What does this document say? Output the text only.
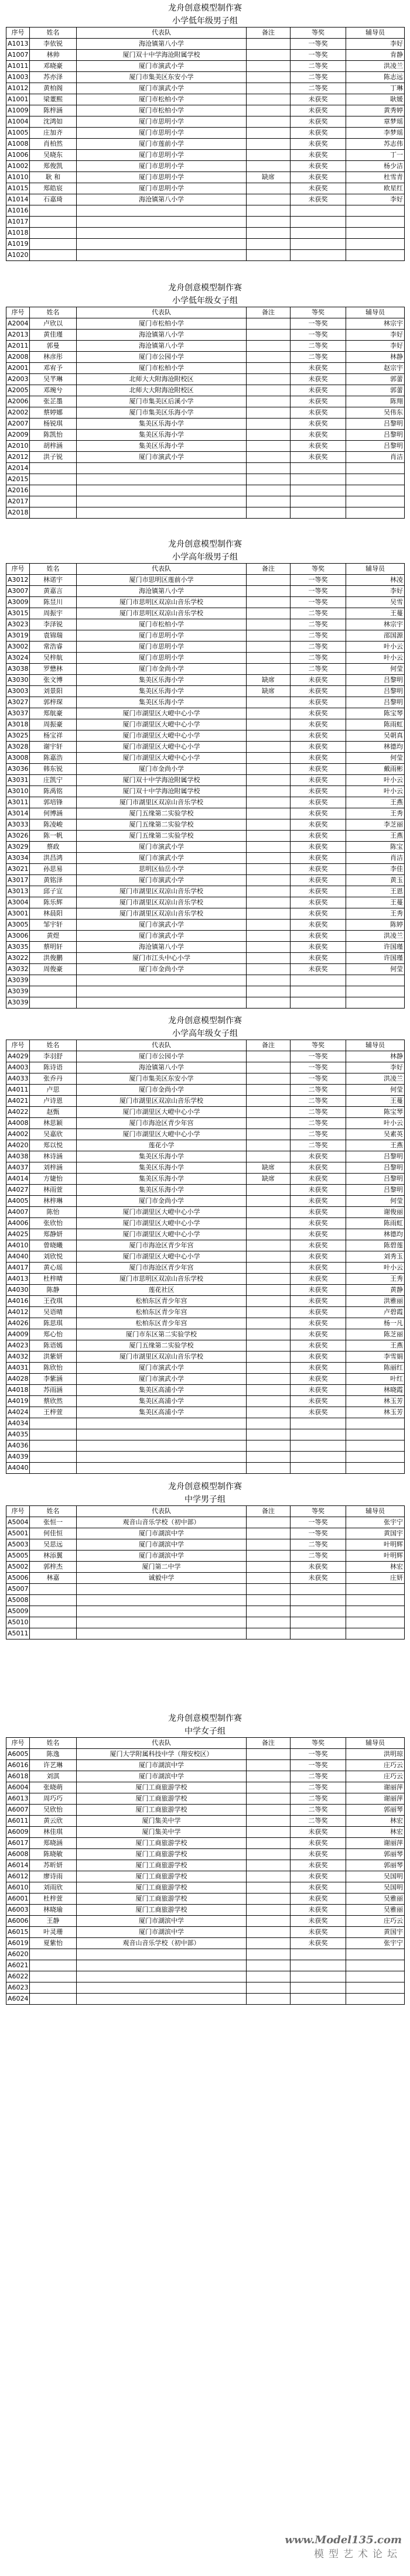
龙舟创意模型制作赛
小学低年级男子组
序号	姓名	代表队	备注	等奖	辅导员
A1013	李依锐	海沧镇第八小学		一等奖	李好
A1007	林帅	厦门双十中学海沧附属学校		一等奖	肯静
A1011	邓晓豪	厦门市演武小学		二等奖	洪凌兰
A1003	苏亦泽	厦门市集美区东安小学		二等奖	陈志远
A1012	黄柏阁	厦门市演武小学		二等奖	丁琳
A1001	梁董熙	厦门市松柏小学		未获奖	耿媛
A1009	陈梓涵	厦门市松柏小学		未获奖	黄秀婷
A1004	沈鸿如	厦门市思明小学		未获奖	章梦瑶
A1005	庄加齐	厦门市思明小学		未获奖	李梦瑶
A1008	肖柏然	厦门市莲前小学		未获奖	苏志伟
A1006	吴晓东	厦门市思明小学		未获奖	丁一
A1002	郑俊凯	厦门市思明小学		未获奖	杨少洁
A1010	耿 和	厦门市思明小学	缺席	未获奖	杜雪青
A1015	郑皓宸	厦门市思明小学		未获奖	欧星红
A1014	石嘉琦	海沧镇第八小学		未获奖	李好
A1016					
A1017					
A1018					
A1019					
A1020					
龙舟创意模型制作赛
小学低年级女子组
序号	姓名	代表队	备注	等奖	辅导员
A2004	卢欣以	厦门市松柏小学		一等奖	林宗宇
A2013	黄佳瑾	海沧镇第八小学		一等奖	李好
A2011	郭曼	海沧镇第八小学		二等奖	李好
A2008	林彦彤	厦门市公园小学		二等奖	林静
A2001	邓宥予	厦门市松柏小学		未获奖	赵宗宇
A2003	吴芊琳	北师大大附海沧附校区		未获奖	郭蕾
A2005	邓琬兮	北师大大附海沧附校区		未获奖	郭蕾
A2006	张芷墨	厦门市集美区后溪小学		未获奖	陈翔
A2002	蔡婷娜	厦门市集美区乐海小学		未获奖	吴伟东
A2007	杨锐琪	集美区乐海小学		未获奖	吕黎明
A2009	陈凯怡	集美区乐海小学		未获奖	吕黎明
A2010	胡梓涵	集美区乐海小学		未获奖	吕黎明
A2012	洪子锐	厦门市演武小学		未获奖	肖洁
A2014					
A2015					
A2016					
A2017					
A2018					
龙舟创意模型制作赛
小学高年级男子组
序号	姓名	代表队	备注	等奖	辅导员
A3012	林诺宇	厦门市思明区莲前小学		一等奖	林凌
A3007	黄嘉言	海沧镇第八小学		一等奖	李好
A3009	陈昱川	厦门市思明区双凉山音乐学校		一等奖	吴雪
A3015	周振宇	厦门市思明区双凉山音乐学校		二等奖	王蔓
A3023	李泽锐	厦门市松柏小学		二等奖	林宗宇
A3019	袁锦瑞	厦门市思明小学		二等奖	邵国源
A3002	常浩睿	厦门市思明小学		二等奖	叶小云
A3024	吴梓航	厦门市思明小学		二等奖	叶小云
A3038	罗懋林	厦门市金尚小学		二等奖	何莹
A3030	张文博	集美区乐海小学	缺席	未获奖	吕黎明
A3003	刘景阳	集美区乐海小学	缺席	未获奖	吕黎明
A3027	郭梓琛	集美区乐海小学		未获奖	吕黎明
A3037	郑航豪	厦门市湖里区大嶝中心小学		未获奖	陈宝琴
A3018	周振豪	厦门市湖里区大嶝中心小学		未获奖	陈雨虹
A3025	杨宝祥	厦门市湖里区大嶝中心小学		未获奖	吴朝真
A3028	谢宇轩	厦门市湖里区大嶝中心小学		未获奖	林德均
A3008	陈嘉浩	厦门市湖里区大嶝中心小学		未获奖	何莹
A3036	韩东锐	厦门市金尚小学		未获奖	戴雨彬
A3031	庄凯宁	厦门双十中学海沧附属学校		未获奖	叶小云
A3010	陈禹铭	厦门双十中学海沧附属学校		未获奖	叶小云
A3011	郭培锋	厦门市湖里区双凉山音乐学校		未获奖	王燕
A3014	何博涵	厦门五缘第二实验学校		未获奖	王秀
A3033	陈凌峻	厦门五缘第二实验学校		未获奖	李芝丽
A3026	陈一帆	厦门五缘第二实验学校		未获奖	王燕
A3029	蔡政	厦门市演武小学		未获奖	陈宝
A3034	洪昌鸿	厦门市演武小学		未获奖	肖洁
A3021	孙思易	思明区仙岳小学		未获奖	李佳
A3017	黄铭泽	厦门市演武小学		未获奖	黄玉
A3013	邱子宣	厦门市湖里区双凉山音乐学校		未获奖	王恩
A3004	陈乐辉	厦门市湖里区双凉山音乐学校		未获奖	王蔓
A3001	林晨阳	厦门市湖里区双凉山音乐学校		未获奖	王秀
A3005	邹宇轩	厦门市演武小学		未获奖	陈婷
A3006	黄煜	厦门市演武小学		未获奖	洪凌兰
A3035	蔡明轩	海沧镇第八小学		未获奖	许国瑾
A3022	洪俊鹏	厦门市江头中心小学		未获奖	许国瑾
A3032	周俊豪	厦门市金尚小学		未获奖	何莹
A3039					
A3039					
A3039					
龙舟创意模型制作赛
小学高年级女子组
序号	姓名	代表队	备注	等奖	辅导员
A4029	李羽舒	厦门市公园小学		一等奖	林静
A4003	陈诗语	海沧镇第八小学		一等奖	李好
A4033	张乔丹	厦门市集美区东安小学		一等奖	洪凌兰
A4011	卢思	厦门市金尚小学		二等奖	何莹
A4021	卢诗恩	厦门市湖里区双凉山音乐学校		二等奖	王蔓
A4022	赵甄	厦门市湖里区大嶝中心小学		二等奖	陈宝琴
A4008	林思颖	厦门市海沧区青少年宫		二等奖	叶小云
A4002	吴嘉欣	厦门市湖里区大嶝中心小学		二等奖	吴素英
A4020	郑以悦	莲花小学		二等奖	王燕
A4038	林诗涵	集美区乐海小学		未获奖	吕黎明
A4037	刘梓涵	集美区乐海小学	缺席	未获奖	吕黎明
A4014	方婕怡	集美区乐海小学	缺席	未获奖	吕黎明
A4027	林雨萱	集美区乐海小学		未获奖	吕黎明
A4005	林梓琳	厦门市金尚小学		未获奖	何莹
A4007	陈怡	厦门市湖里区大嶝中心小学		未获奖	谢俊丽
A4006	张欣怡	厦门市湖里区大嶝中心小学		未获奖	陈雨虹
A4025	郑静妍	厦门市湖里区大嶝中心小学		未获奖	林德均
A4010	曾晓曦	厦门市海沧区青少年宫		未获奖	陈碧莲
A4040	刘欣悦	厦门市湖里区大嶝中心小学		未获奖	刘秀玉
A4017	黄心瑶	厦门市海沧区青少年宫		未获奖	叶小云
A4013	杜梓晴	厦门市思明区双凉山音乐学校		未获奖	王秀
A4030	陈静	莲花社区		未获奖	黄静
A4016	王孜琪	松柏东区青少年宫		未获奖	洪雅丽
A4012	吴语晴	松柏东区青少年宫		未获奖	卢碧霞
A4026	陈思琪	松柏东区青少年宫		未获奖	杨一凡
A4009	郑心怡	厦门市东区第二实验学校		未获奖	陈芝丽
A4023	陈语嫣	厦门五缘第二实验学校		未获奖	王燕
A4032	洪紫妍	厦门市湖里区双凉山音乐学校		未获奖	李雪娟
A4031	陈欣怡	厦门市演武小学		未获奖	陈丽红
A4028	李紫涵	厦门市演武小学		未获奖	叶红
A4018	苏雨涵	集美区高浦小学		未获奖	林晓霞
A4019	蔡欣然	集美区高浦小学		未获奖	林玉芳
A4024	王梓萱	集美区高浦小学		未获奖	林玉芳
A4034					
A4035					
A4036					
A4039					
A4040					
龙舟创意模型制作赛
中学男子组
序号	姓名	代表队	备注	等奖	辅导员
A5004	张恒一	观音山音乐学校（初中部）		一等奖	张宇宁
A5001	何佳恒	厦门市湖滨中学		一等奖	黄国宇
A5003	吴思远	厦门市湖滨中学		二等奖	叶明辉
A5005	林添翼	厦门市湖滨中学		二等奖	叶明辉
A5002	郭梓杰	厦门第二中学		未获奖	林宏
A5006	林嘉	诚毅中学		未获奖	庄妍
A5007					
A5008					
A5009					
A5010					
A5011					
龙舟创意模型制作赛
中学女子组
序号	姓名	代表队	备注	等奖	辅导员
A6005	陈逸	厦门大学附属科技中学（翔安校区）		一等奖	洪明琼
A6016	许艺琳	厦门市湖滨中学		一等奖	庄巧云
A6018	刘淇	厦门市湖滨中学		二等奖	庄巧云
A6004	张晓萌	厦门工商旅游学校		二等奖	谢丽萍
A6013	周巧巧	厦门工商旅游学校		二等奖	谢丽萍
A6007	吴欣怡	厦门工商旅游学校		二等奖	郭丽琴
A6011	黄云欣	厦门集美中学		二等奖	林宏
A6009	林佳琪	厦门集美中学		未获奖	林宏
A6017	郑晓涵	厦门工商旅游学校		未获奖	谢丽萍
A6008	陈晓敏	厦门工商旅游学校		未获奖	郭丽琴
A6014	苏昕妍	厦门工商旅游学校		未获奖	郭丽琴
A6012	廖诗雨	厦门工商旅游学校		未获奖	吴国明
A6010	刘雨欣	厦门工商旅游学校		未获奖	吴国明
A6001	杜梓萱	厦门工商旅游学校		未获奖	吴雅丽
A6003	林晓瑜	厦门工商旅游学校		未获奖	吴雅丽
A6006	王静	厦门市湖滨中学		未获奖	庄巧云
A6015	叶灵珊	厦门市湖滨中学		未获奖	黄国宇
A6019	夏紫怡	观音山音乐学校（初中部）		未获奖	张宇宁
A6020					
A6021					
A6022					
A6023					
A6024					
www.Model135.com
模型艺术论坛
